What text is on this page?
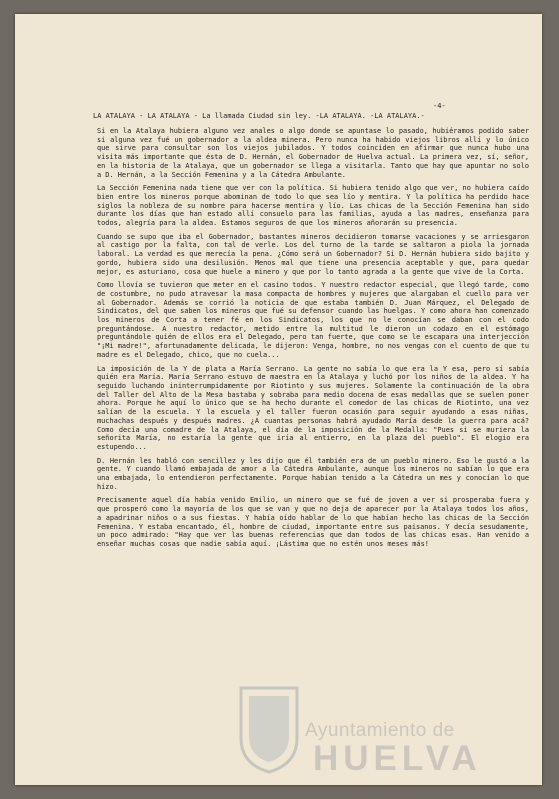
-4-
LA ATALAYA - LA ATALAYA - La llamada Ciudad sin ley. -LA ATALAYA. -LA ATALAYA.-

Si en la Atalaya hubiera alguno vez anales o algo donde se apuntase lo pasado, hubiéramos podido saber si alguna vez fué un gobernador a la aldea minera. Pero nunca ha habido viejos libros allí y lo único que sirve para consultar son los viejos jubilados. Y todos coinciden en afirmar que nunca hubo una visita más importante que ésta de D. Hernán, el Gobernador de Huelva actual. La primera vez, sí, señor, en la historia de la Atalaya, que un gobernador se llega a visitarla. Tanto que hay que apuntar no solo a D. Hernán, a la Sección Femenina y a la Cátedra Ambulante.

La Sección Femenina nada tiene que ver con la política. Si hubiera tenido algo que ver, no hubiera caído bien entre los mineros porque abominan de todo lo que sea lío y mentira. Y la política ha perdido hace siglos la nobleza de su nombre para hacerse mentira y lío. Las chicas de la Sección Femenina han sido durante los días que han estado allí consuelo para las familias, ayuda a las madres, enseñanza para todos, alegría para la aldea. Estamos seguros de que los mineros añorarán su presencia.

Cuando se supo que iba el Gobernador, bastantes mineros decidieron tomarse vacaciones y se arriesgaron al castigo por la falta, con tal de verle. Los del turno de la tarde se saltaron a piola la jornada laboral. La verdad es que merecía la pena. ¿Cómo será un Gobernador? Si D. Hernán hubiera sido bajito y gordo, hubiera sido una desilusión. Menos mal que tiene una presencia aceptable y que, para quedar mejor, es asturiano, cosa que huele a minero y que por lo tanto agrada a la gente que vive de la Corta.

Como llovía se tuvieron que meter en el casino todos. Y nuestro redactor especial, que llegó tarde, como de costumbre, no pudo atravesar la masa compacta de hombres y mujeres que alargaban el cuello para ver al Gobernador. Además se corrió la noticia de que estaba también D. Juan Márquez, el Delegado de Sindicatos, del que saben los mineros que fué su defensor cuando las huelgas. Y como ahora han comenzado los mineros de Corta a tener fé en los Sindicatos, los que no le conocían se daban con el codo preguntándose. A nuestro redactor, metido entre la multitud le dieron un codazo en el estómago preguntándole quién de ellos era el Delegado, pero tan fuerte, que como se le escapara una interjección "¡Mi madre!", afortunadamente delicada, le dijeron: Venga, hombre, no nos vengas con el cuento de que tu madre es el Delegado, chico, que no cuela...

La imposición de la Y de plata a María Serrano. La gente no sabía lo que era la Y esa, pero sí sabía quién era María. María Serrano estuvo de maestra en la Atalaya y luchó por los niños de la aldea. Y ha seguido luchando ininterrumpidamente por Riotinto y sus mujeres. Solamente la continuación de la obra del Taller del Alto de la Mesa bastaba y sobraba para medio docena de esas medallas que se suelen poner ahora. Porque he aquí lo único que se ha hecho durante el comedor de las chicas de Riotinto, una vez salían de la escuela. Y la escuela y el taller fueron ocasión para seguir ayudando a esas niñas, muchachas después y después madres. ¿A cuantas personas habrá ayudado María desde la guerra para acá? Como decía una comadre de la Atalaya, el día de la imposición de la Medalla: "Pues si se muriera la señorita María, no estaría la gente que iría al entierro, en la plaza del pueblo". El elogio era estupendo...

D. Hernán les habló con sencillez y les dijo que él también era de un pueblo minero. Eso le gustó a la gente. Y cuando llamó embajada de amor a la Cátedra Ambulante, aunque los mineros no sabían lo que era una embajada, lo entendieron perfectamente. Porque habían tenido a la Cátedra un mes y conocían lo que hizo.

Precisamente aquel día había venido Emilio, un minero que se fué de joven a ver si prosperaba fuera y que prosperó como la mayoría de los que se van y que no deja de aparecer por la Atalaya todos los años, a apadrinar niños o a sus fiestas. Y había oído hablar de lo que habían hecho las chicas de la Sección Femenina. Y estaba encantado, él, hombre de ciudad, importante entre sus paisanos. Y decía sesudamente, un poco admirado: "Hay que ver las buenas referencias que dan todos de las chicas esas. Han venido a enseñar muchas cosas que nadie sabía aquí. ¡Lástima que no estén unos meses más!

Ayuntamiento de
HUELVA
